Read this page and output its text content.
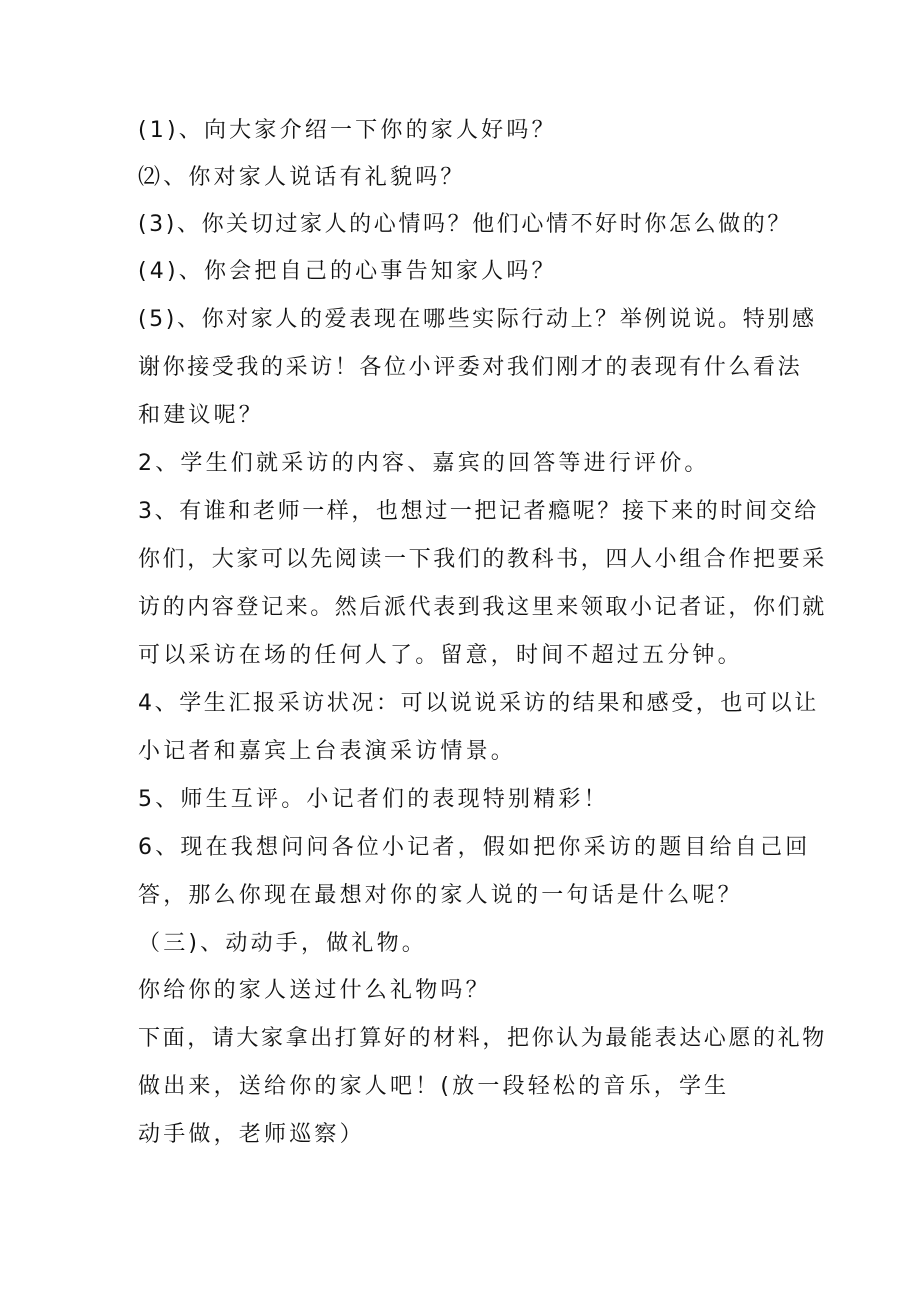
(1)、向大家介绍一下你的家人好吗？

⑵、你对家人说话有礼貌吗？

(3)、你关切过家人的心情吗？他们心情不好时你怎么做的？

(4)、你会把自己的心事告知家人吗？

(5)、你对家人的爱表现在哪些实际行动上？举例说说。特别感

谢你接受我的采访！各位小评委对我们刚才的表现有什么看法

和建议呢？

2、学生们就采访的内容、嘉宾的回答等进行评价。

3、有谁和老师一样，也想过一把记者瘾呢？接下来的时间交给

你们，大家可以先阅读一下我们的教科书，四人小组合作把要采

访的内容登记来。然后派代表到我这里来领取小记者证，你们就

可以采访在场的任何人了。留意，时间不超过五分钟。

4、学生汇报采访状况：可以说说采访的结果和感受，也可以让

小记者和嘉宾上台表演采访情景。

5、师生互评。小记者们的表现特别精彩！

6、现在我想问问各位小记者，假如把你采访的题目给自己回

答，那么你现在最想对你的家人说的一句话是什么呢？

（三)、动动手，做礼物。

你给你的家人送过什么礼物吗？

下面，请大家拿出打算好的材料，把你认为最能表达心愿的礼物

做出来，送给你的家人吧！(放一段轻松的音乐，学生

动手做，老师巡察）
